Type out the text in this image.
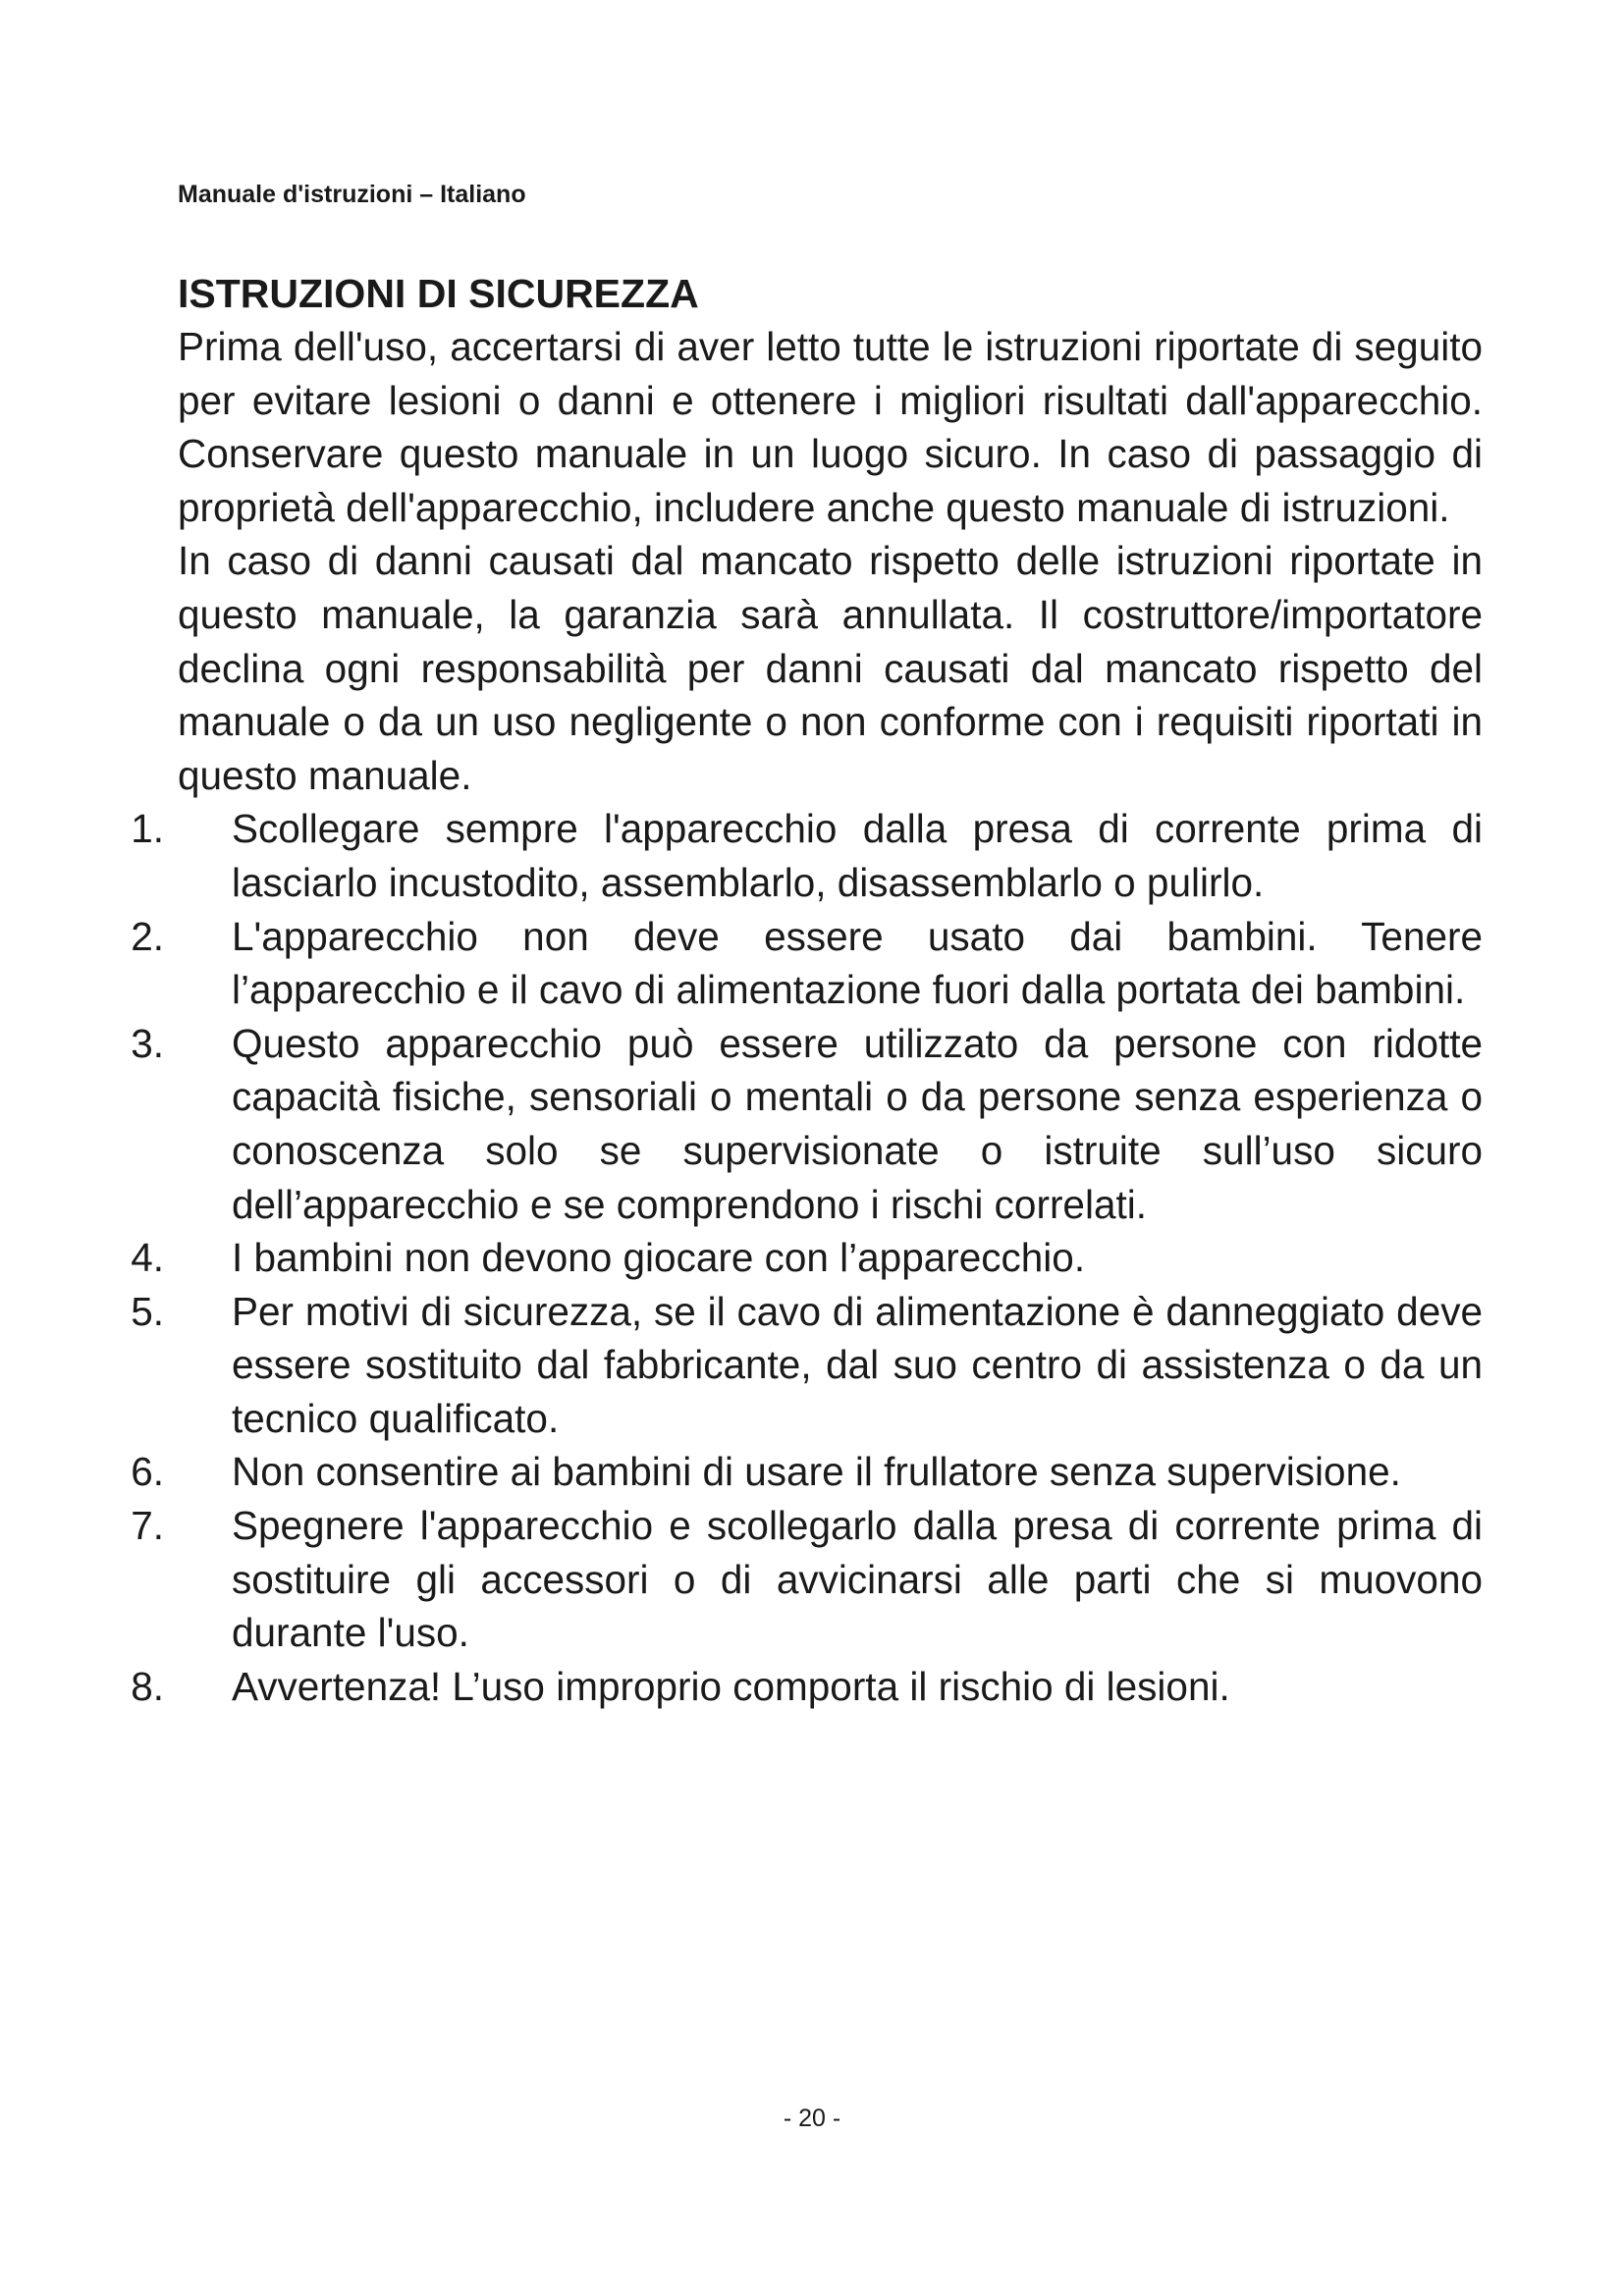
Manuale d'istruzioni – Italiano
ISTRUZIONI DI SICUREZZA

Prima dell'uso, accertarsi di aver letto tutte le istruzioni riportate di seguito per evitare lesioni o danni e ottenere i migliori risultati dall'apparecchio. Conservare questo manuale in un luogo sicuro. In caso di passaggio di proprietà dell'apparecchio, includere anche questo manuale di istruzioni.

In caso di danni causati dal mancato rispetto delle istruzioni riportate in questo manuale, la garanzia sarà annullata. Il costruttore/importatore declina ogni responsabilità per danni causati dal mancato rispetto del manuale o da un uso negligente o non conforme con i requisiti riportati in questo manuale.

1. Scollegare sempre l'apparecchio dalla presa di corrente prima di lasciarlo incustodito, assemblarlo, disassemblarlo o pulirlo.
2. L'apparecchio non deve essere usato dai bambini. Tenere l’apparecchio e il cavo di alimentazione fuori dalla portata dei bambini.
3. Questo apparecchio può essere utilizzato da persone con ridotte capacità fisiche, sensoriali o mentali o da persone senza esperienza o conoscenza solo se supervisionate o istruite sull’uso sicuro dell’apparecchio e se comprendono i rischi correlati.
4. I bambini non devono giocare con l’apparecchio.
5. Per motivi di sicurezza, se il cavo di alimentazione è danneggiato deve essere sostituito dal fabbricante, dal suo centro di assistenza o da un tecnico qualificato.
6. Non consentire ai bambini di usare il frullatore senza supervisione.
7. Spegnere l'apparecchio e scollegarlo dalla presa di corrente prima di sostituire gli accessori o di avvicinarsi alle parti che si muovono durante l'uso.
8. Avvertenza! L’uso improprio comporta il rischio di lesioni.
- 20 -
